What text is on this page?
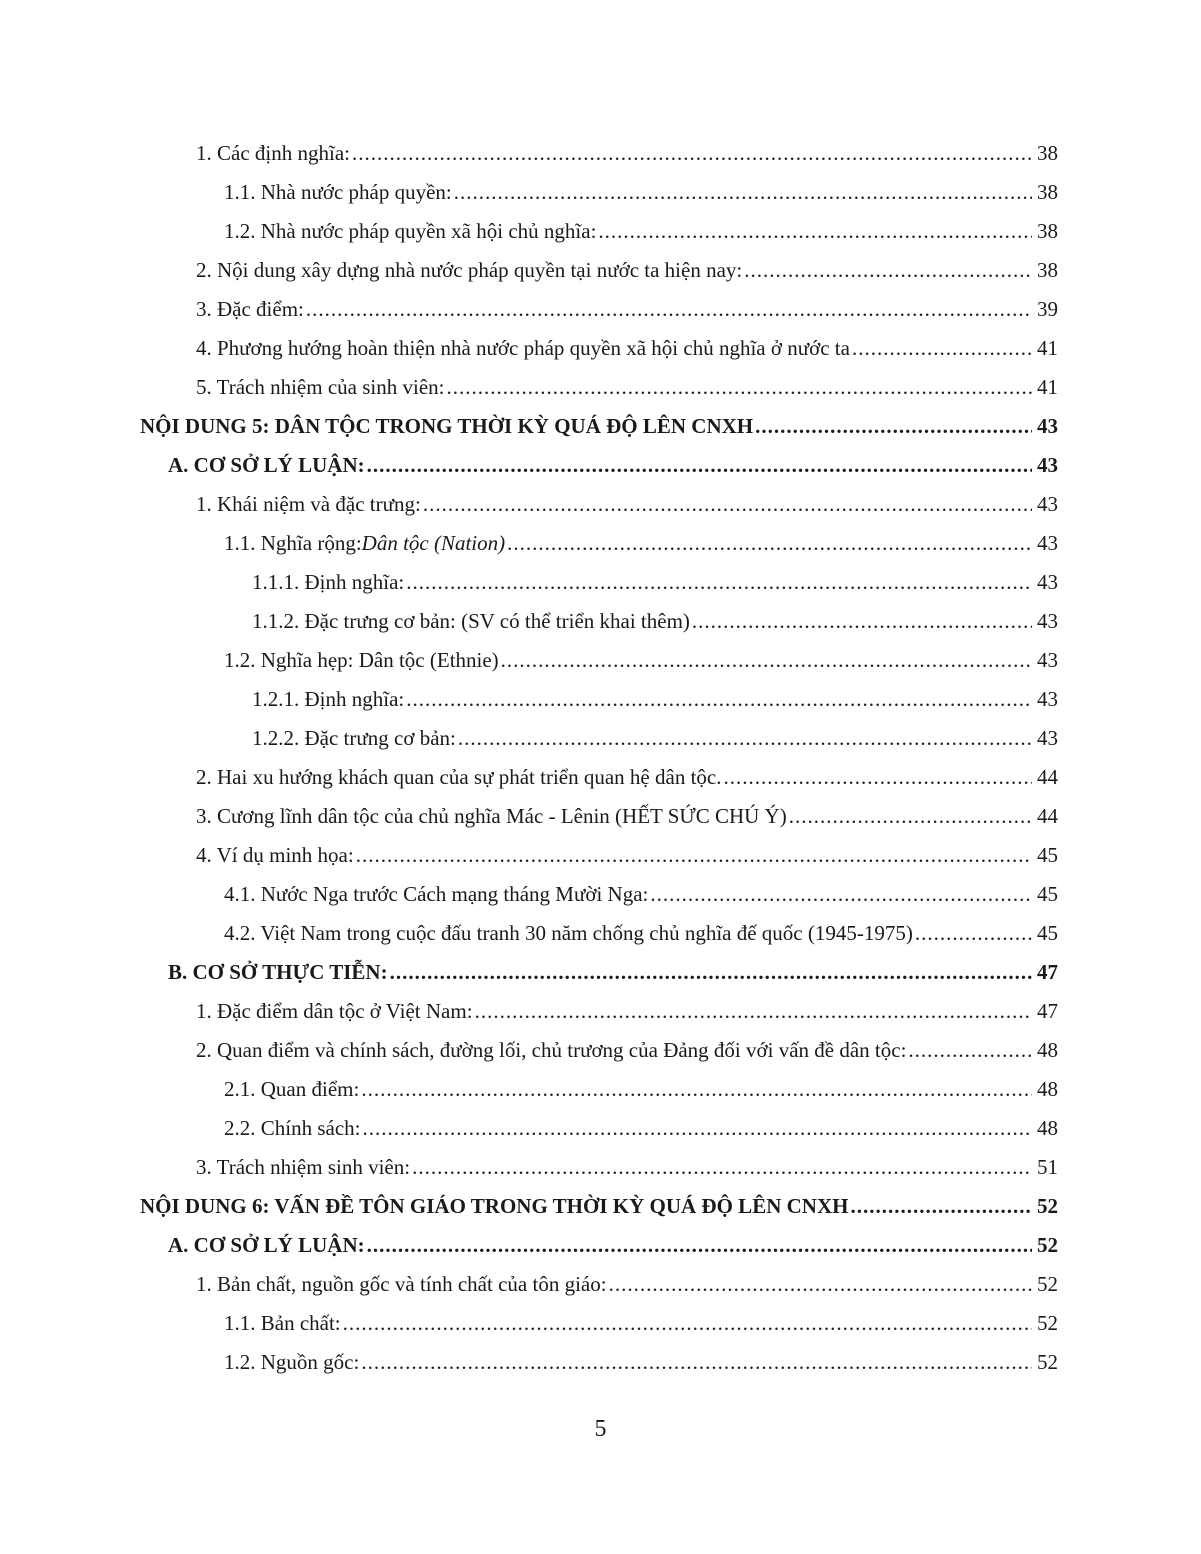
1. Các định nghĩa: .....	38
1.1. Nhà nước pháp quyền: .....	38
1.2. Nhà nước pháp quyền xã hội chủ nghĩa: .....	38
2. Nội dung xây dựng nhà nước pháp quyền tại nước ta hiện nay: .....	38
3. Đặc điểm: .....	39
4. Phương hướng hoàn thiện nhà nước pháp quyền xã hội chủ nghĩa ở nước ta .....	41
5. Trách nhiệm của sinh viên: .....	41
NỘI DUNG 5: DÂN TỘC TRONG THỜI KỲ QUÁ ĐỘ LÊN CNXH .....	43
A. CƠ SỞ LÝ LUẬN: .....	43
1. Khái niệm và đặc trưng: .....	43
1.1. Nghĩa rộng: Dân tộc (Nation) .....	43
1.1.1. Định nghĩa: .....	43
1.1.2. Đặc trưng cơ bản: (SV có thể triển khai thêm) .....	43
1.2. Nghĩa hẹp: Dân tộc (Ethnie) .....	43
1.2.1. Định nghĩa: .....	43
1.2.2. Đặc trưng cơ bản: .....	43
2. Hai xu hướng khách quan của sự phát triển quan hệ dân tộc. .....	44
3. Cương lĩnh dân tộc của chủ nghĩa Mác - Lênin (HẾT SỨC CHÚ Ý) .....	44
4. Ví dụ minh họa: .....	45
4.1. Nước Nga trước Cách mạng tháng Mười Nga: .....	45
4.2. Việt Nam trong cuộc đấu tranh 30 năm chống chủ nghĩa đế quốc (1945-1975) .....	45
B. CƠ SỞ THỰC TIỄN: .....	47
1. Đặc điểm dân tộc ở Việt Nam: .....	47
2. Quan điểm và chính sách, đường lối, chủ trương của Đảng đối với vấn đề dân tộc: .....	48
2.1. Quan điểm: .....	48
2.2. Chính sách: .....	48
3. Trách nhiệm sinh viên: .....	51
NỘI DUNG 6: VẤN ĐỀ TÔN GIÁO TRONG THỜI KỲ QUÁ ĐỘ LÊN CNXH .....	52
A. CƠ SỞ LÝ LUẬN: .....	52
1. Bản chất, nguồn gốc và tính chất của tôn giáo: .....	52
1.1. Bản chất: .....	52
1.2. Nguồn gốc: .....	52
5
